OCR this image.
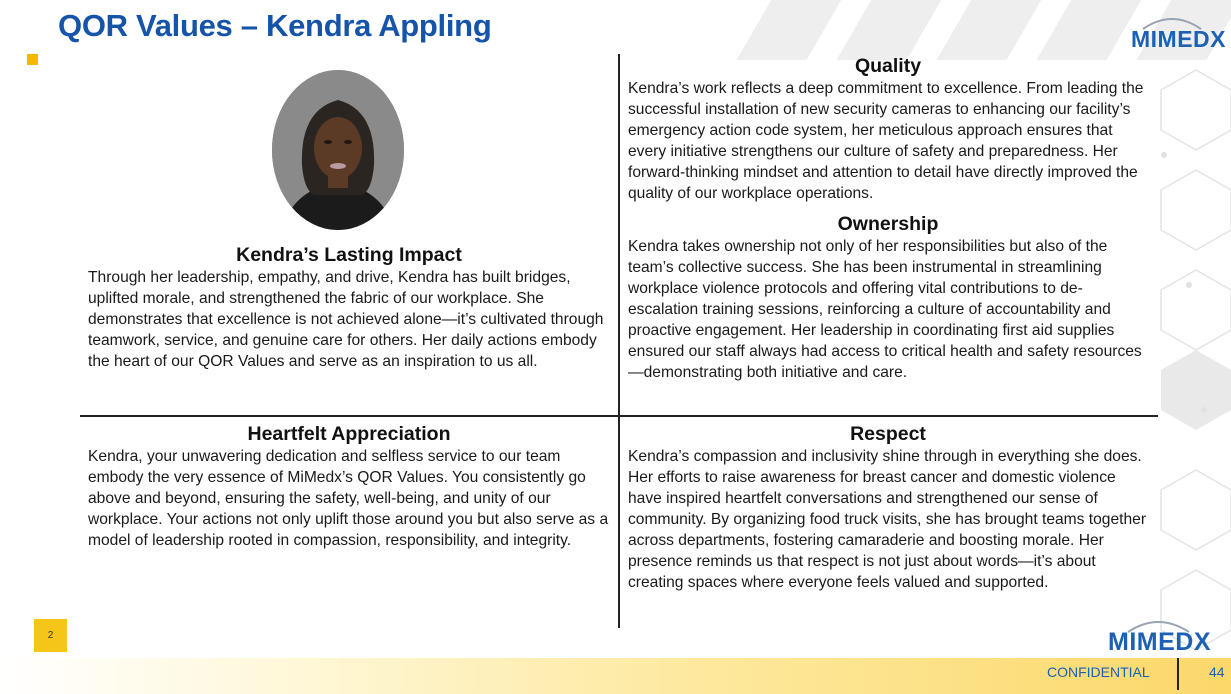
QOR Values – Kendra Appling	MIMEDX
Kendra’s Lasting Impact

Through her leadership, empathy, and drive, Kendra has built bridges, uplifted morale, and strengthened the fabric of our workplace. She demonstrates that excellence is not achieved alone—it’s cultivated through teamwork, service, and genuine care for others. Her daily actions embody the heart of our QOR Values and serve as an inspiration to us all.

Quality

Kendra’s work reflects a deep commitment to excellence. From leading the successful installation of new security cameras to enhancing our facility’s emergency action code system, her meticulous approach ensures that every initiative strengthens our culture of safety and preparedness. Her forward-thinking mindset and attention to detail have directly improved the quality of our workplace operations.

Ownership

Kendra takes ownership not only of her responsibilities but also of the team’s collective success. She has been instrumental in streamlining workplace violence protocols and offering vital contributions to de-escalation training sessions, reinforcing a culture of accountability and proactive engagement. Her leadership in coordinating first aid supplies ensured our staff always had access to critical health and safety resources—demonstrating both initiative and care.

Heartfelt Appreciation

Kendra, your unwavering dedication and selfless service to our team embody the very essence of MiMedx’s QOR Values. You consistently go above and beyond, ensuring the safety, well-being, and unity of our workplace. Your actions not only uplift those around you but also serve as a model of leadership rooted in compassion, responsibility, and integrity.

Respect

Kendra’s compassion and inclusivity shine through in everything she does. Her efforts to raise awareness for breast cancer and domestic violence have inspired heartfelt conversations and strengthened our sense of community. By organizing food truck visits, she has brought teams together across departments, fostering camaraderie and boosting morale. Her presence reminds us that respect is not just about words—it’s about creating spaces where everyone feels valued and supported.

2	MIMEDX
CONFIDENTIAL	44
